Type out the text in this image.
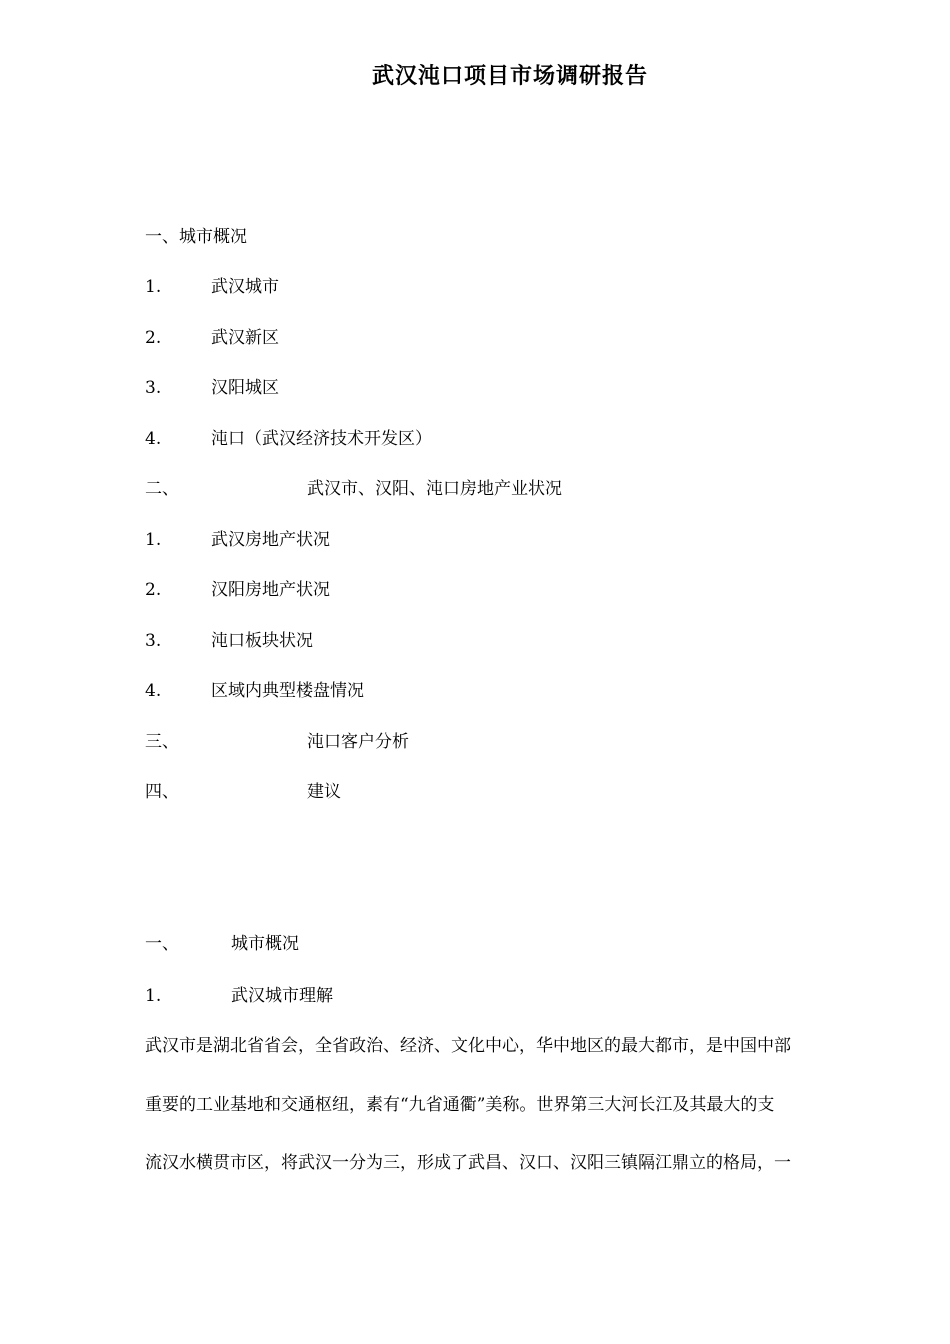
武汉沌口项目市场调研报告
一、城市概况
1.	武汉城市
2.	武汉新区
3.	汉阳城区
4.	沌口（武汉经济技术开发区）
二、	武汉市、汉阳、沌口房地产业状况
1.	武汉房地产状况
2.	汉阳房地产状况
3.	沌口板块状况
4.	区域内典型楼盘情况
三、	沌口客户分析
四、	建议
一、	城市概况
1.	武汉城市理解
武汉市是湖北省省会，全省政治、经济、文化中心，华中地区的最大都市，是中国中部
重要的工业基地和交通枢纽，素有“九省通衢”美称。世界第三大河长江及其最大的支
流汉水横贯市区，将武汉一分为三，形成了武昌、汉口、汉阳三镇隔江鼎立的格局，一
